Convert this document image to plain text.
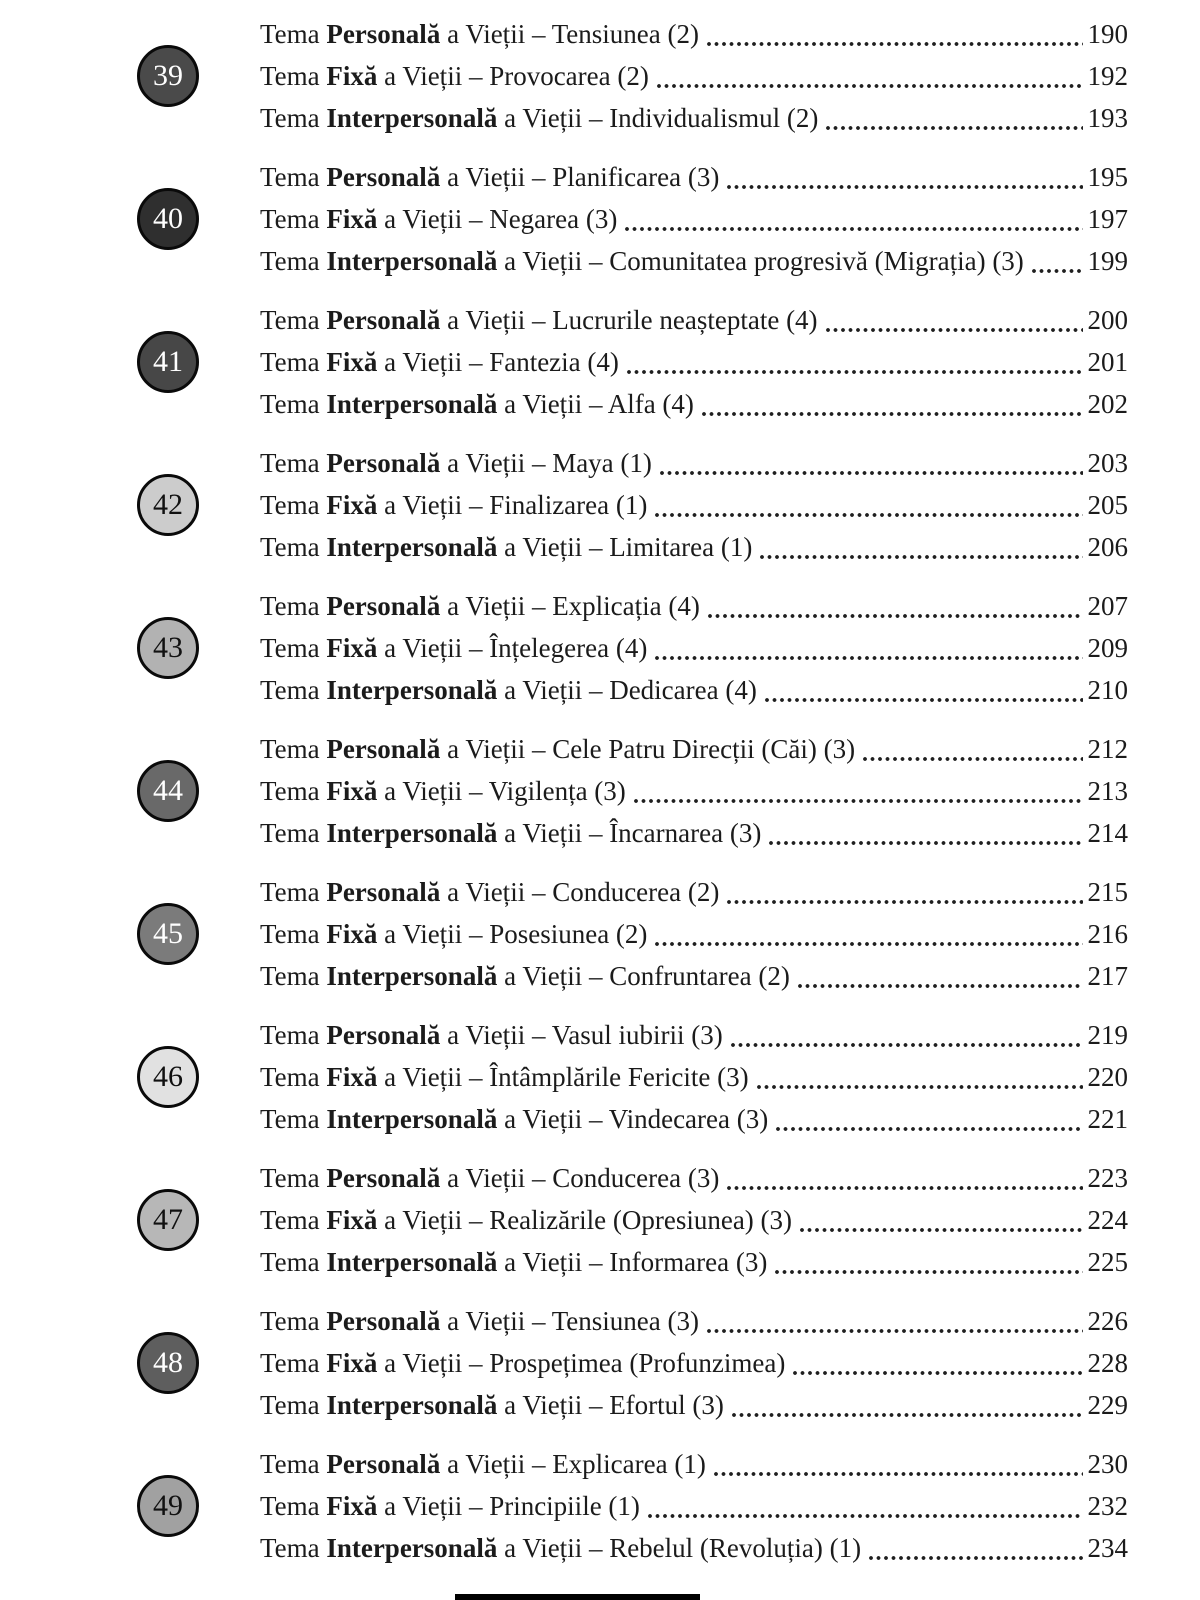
39
Tema Personală a Vieții – Tensiunea (2)	190
Tema Fixă a Vieții – Provocarea (2)	192
Tema Interpersonală a Vieții – Individualismul (2)	193
40
Tema Personală a Vieții – Planificarea (3)	195
Tema Fixă a Vieții – Negarea (3)	197
Tema Interpersonală a Vieții – Comunitatea progresivă (Migrația) (3) 199
41
Tema Personală a Vieții – Lucrurile neașteptate (4)	200
Tema Fixă a Vieții – Fantezia (4)	201
Tema Interpersonală a Vieții – Alfa (4)	202
42
Tema Personală a Vieții – Maya (1)	203
Tema Fixă a Vieții – Finalizarea (1)	205
Tema Interpersonală a Vieții – Limitarea (1)	206
43
Tema Personală a Vieții – Explicația (4)	207
Tema Fixă a Vieții – Înțelegerea (4)	209
Tema Interpersonală a Vieții – Dedicarea (4)	210
44
Tema Personală a Vieții – Cele Patru Direcții (Căi) (3)	212
Tema Fixă a Vieții – Vigilența (3)	213
Tema Interpersonală a Vieții – Încarnarea (3)	214
45
Tema Personală a Vieții – Conducerea (2)	215
Tema Fixă a Vieții – Posesiunea (2)	216
Tema Interpersonală a Vieții – Confruntarea (2)	217
46
Tema Personală a Vieții – Vasul iubirii (3)	219
Tema Fixă a Vieții – Întâmplările Fericite (3)	220
Tema Interpersonală a Vieții – Vindecarea (3)	221
47
Tema Personală a Vieții – Conducerea (3)	223
Tema Fixă a Vieții – Realizările (Opresiunea) (3)	224
Tema Interpersonală a Vieții – Informarea (3)	225
48
Tema Personală a Vieții – Tensiunea (3)	226
Tema Fixă a Vieții – Prospețimea (Profunzimea)	228
Tema Interpersonală a Vieții – Efortul (3)	229
49
Tema Personală a Vieții – Explicarea (1)	230
Tema Fixă a Vieții – Principiile (1)	232
Tema Interpersonală a Vieții – Rebelul (Revoluția) (1)	234
